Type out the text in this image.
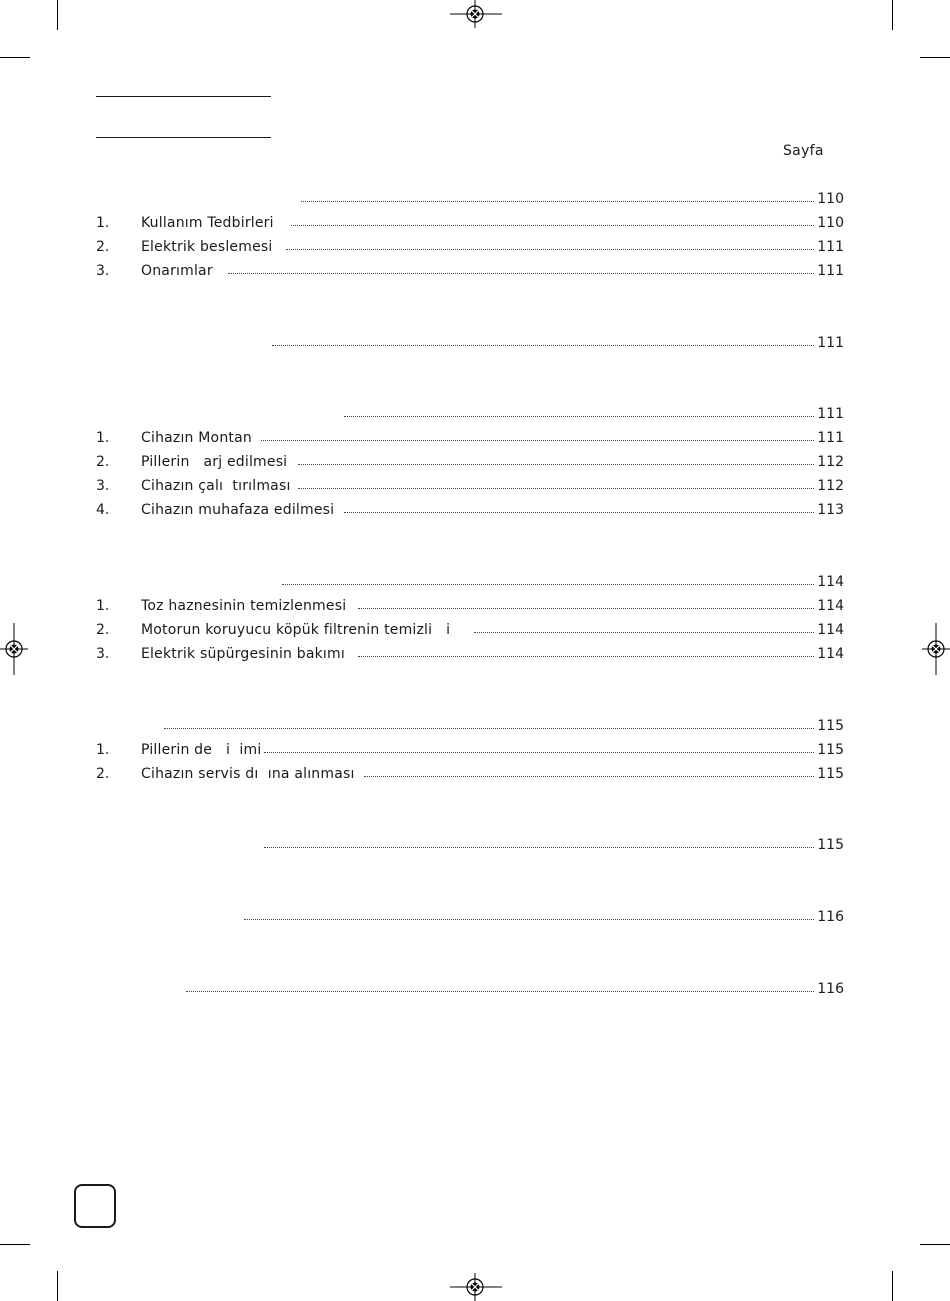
Sayfa
110
1. Kullanım Tedbirleri	110
2. Elektrik beslemesi	111
3. Onarımlar	111
111
111
1. Cihazın Montan	111
2. Pillerin   arj edilmesi	112
3. Cihazın çalı  tırılması	112
4. Cihazın muhafaza edilmesi	113
114
1. Toz haznesinin temizlenmesi	114
2. Motorun koruyucu köpük filtrenin temizli   i	114
3. Elektrik süpürgesinin bakımı	114
115
1. Pillerin de   i  imi	115
2. Cihazın servis dı  ına alınması	115
115
116
116
